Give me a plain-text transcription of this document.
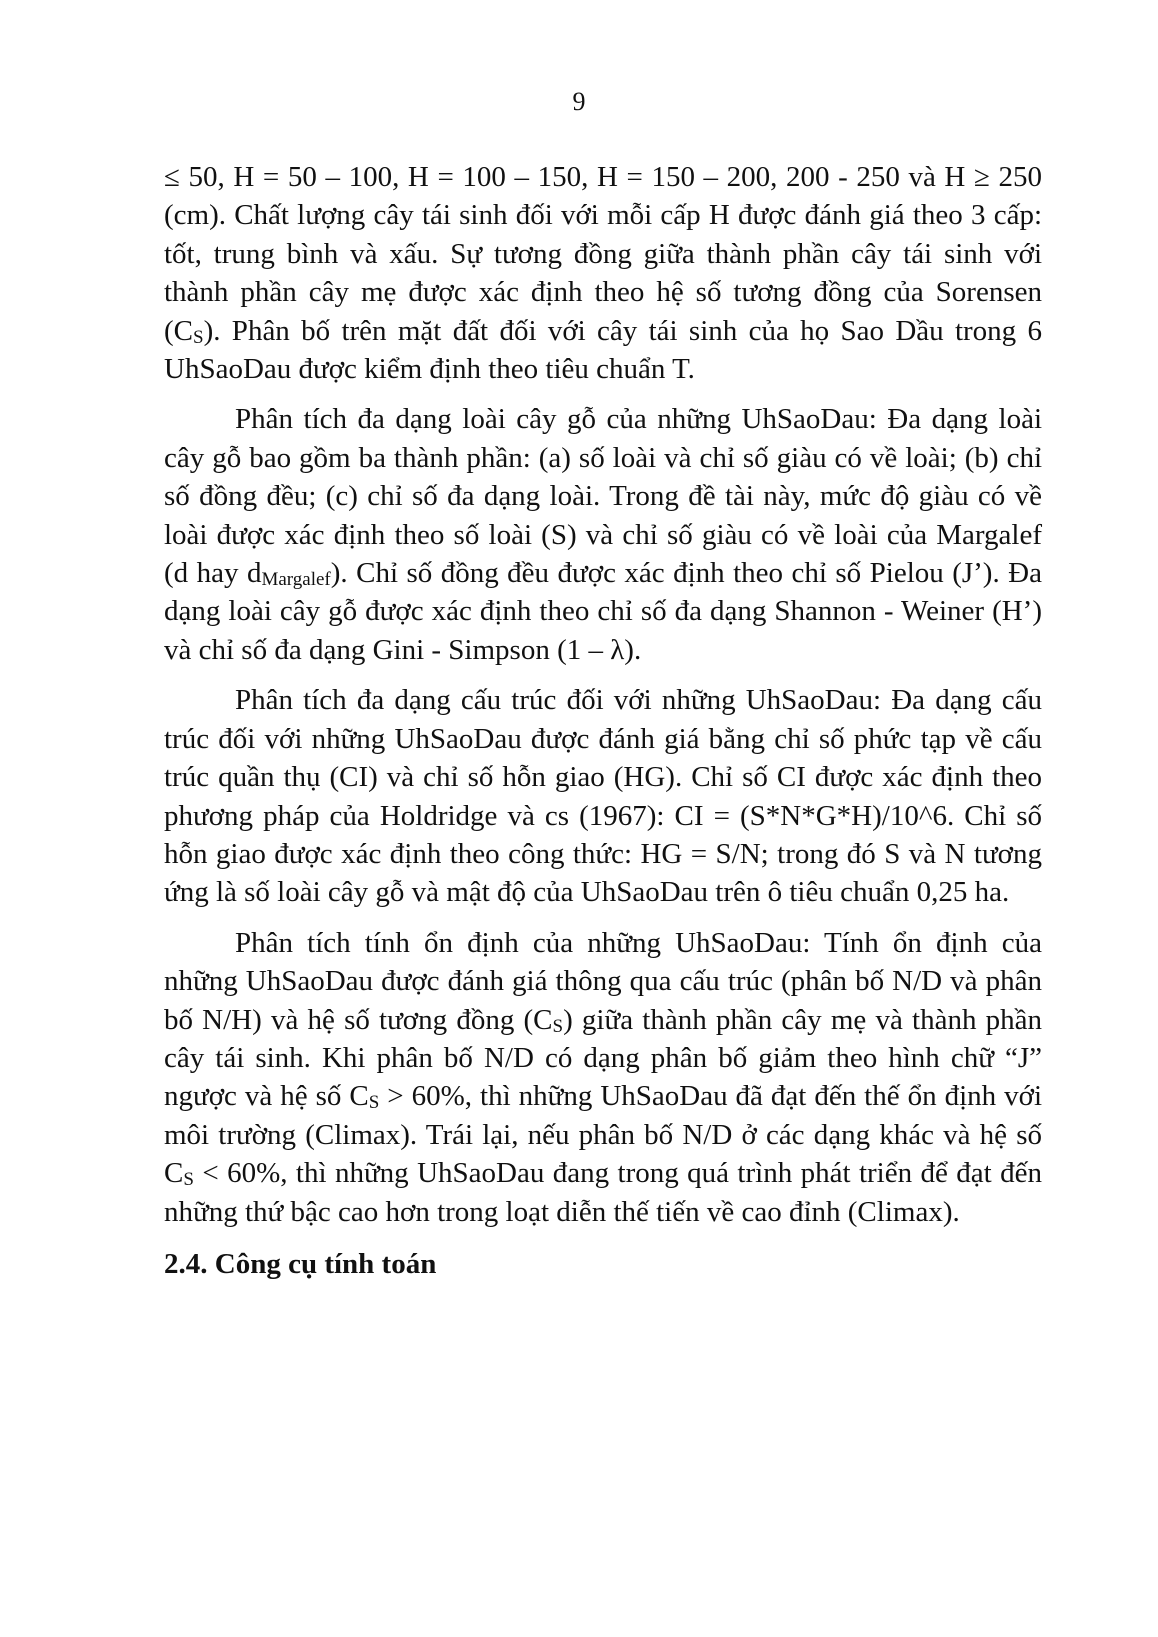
9

≤ 50, H = 50 – 100, H = 100 – 150, H = 150 – 200, 200 - 250 và H ≥ 250 (cm). Chất lượng cây tái sinh đối với mỗi cấp H được đánh giá theo 3 cấp: tốt, trung bình và xấu. Sự tương đồng giữa thành phần cây tái sinh với thành phần cây mẹ được xác định theo hệ số tương đồng của Sorensen (CS). Phân bố trên mặt đất đối với cây tái sinh của họ Sao Dầu trong 6 UhSaoDau được kiểm định theo tiêu chuẩn T.

Phân tích đa dạng loài cây gỗ của những UhSaoDau: Đa dạng loài cây gỗ bao gồm ba thành phần: (a) số loài và chỉ số giàu có về loài; (b) chỉ số đồng đều; (c) chỉ số đa dạng loài. Trong đề tài này, mức độ giàu có về loài được xác định theo số loài (S) và chỉ số giàu có về loài của Margalef (d hay dMargalef). Chỉ số đồng đều được xác định theo chỉ số Pielou (J’). Đa dạng loài cây gỗ được xác định theo chỉ số đa dạng Shannon - Weiner (H’) và chỉ số đa dạng Gini - Simpson (1 – λ).

Phân tích đa dạng cấu trúc đối với những UhSaoDau: Đa dạng cấu trúc đối với những UhSaoDau được đánh giá bằng chỉ số phức tạp về cấu trúc quần thụ (CI) và chỉ số hỗn giao (HG). Chỉ số CI được xác định theo phương pháp của Holdridge và cs (1967): CI = (S*N*G*H)/10^6. Chỉ số hỗn giao được xác định theo công thức: HG = S/N; trong đó S và N tương ứng là số loài cây gỗ và mật độ của UhSaoDau trên ô tiêu chuẩn 0,25 ha.

Phân tích tính ổn định của những UhSaoDau: Tính ổn định của những UhSaoDau được đánh giá thông qua cấu trúc (phân bố N/D và phân bố N/H) và hệ số tương đồng (CS) giữa thành phần cây mẹ và thành phần cây tái sinh. Khi phân bố N/D có dạng phân bố giảm theo hình chữ “J” ngược và hệ số CS > 60%, thì những UhSaoDau đã đạt đến thế ổn định với môi trường (Climax). Trái lại, nếu phân bố N/D ở các dạng khác và hệ số CS < 60%, thì những UhSaoDau đang trong quá trình phát triển để đạt đến những thứ bậc cao hơn trong loạt diễn thế tiến về cao đỉnh (Climax).

2.4. Công cụ tính toán
